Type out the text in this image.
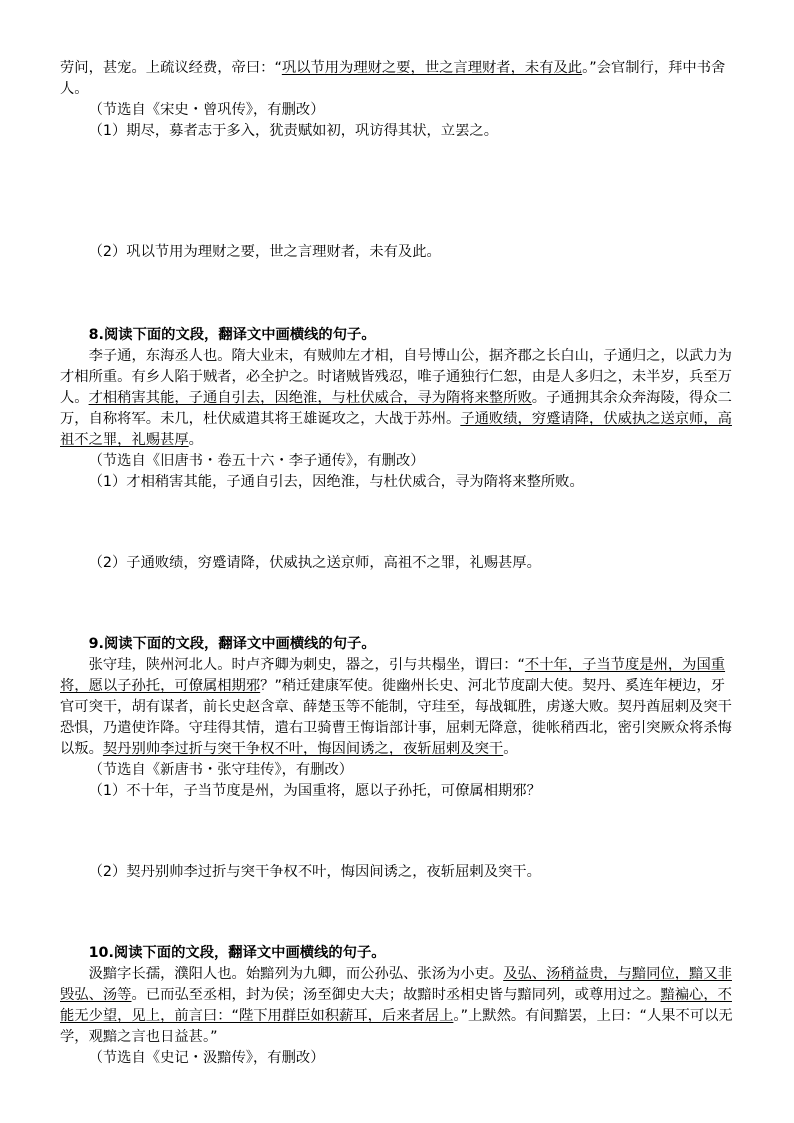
劳问，甚宠。上疏议经费，帝曰：“巩以节用为理财之要，世之言理财者，未有及此。”会官制行，拜中书舍人。

（节选自《宋史・曾巩传》，有删改）

（1）期尽，募者志于多入，犹责赋如初，巩访得其状，立罢之。

（2）巩以节用为理财之要，世之言理财者，未有及此。

8.阅读下面的文段，翻译文中画横线的句子。

李子通，东海丞人也。隋大业末，有贼帅左才相，自号博山公，据齐郡之长白山，子通归之，以武力为才相所重。有乡人陷于贼者，必全护之。时诸贼皆残忍，唯子通独行仁恕，由是人多归之，未半岁，兵至万人。才相稍害其能，子通自引去，因绝淮，与杜伏威合，寻为隋将来整所败。子通拥其余众奔海陵，得众二万，自称将军。未几，杜伏威遣其将王雄诞攻之，大战于苏州。子通败绩，穷蹙请降，伏威执之送京师，高祖不之罪，礼赐甚厚。

（节选自《旧唐书・卷五十六・李子通传》，有删改）

（1）才相稍害其能，子通自引去，因绝淮，与杜伏威合，寻为隋将来整所败。

（2）子通败绩，穷蹙请降，伏威执之送京师，高祖不之罪，礼赐甚厚。

9.阅读下面的文段，翻译文中画横线的句子。

张守珪，陕州河北人。时卢齐卿为刺史，器之，引与共榻坐，谓曰：“不十年，子当节度是州，为国重将，愿以子孙托，可僚属相期邪？”稍迁建康军使。徙幽州长史、河北节度副大使。契丹、奚连年梗边，牙官可突干，胡有谋者，前长史赵含章、薛楚玉等不能制，守珪至，每战辄胜，虏遂大败。契丹酋屈剌及突干恐惧，乃遣使诈降。守珪得其情，遣右卫骑曹王悔诣部计事，屈剌无降意，徙帐稍西北，密引突厥众将杀悔以叛。契丹别帅李过折与突干争权不叶，悔因间诱之，夜斩屈剌及突干。

（节选自《新唐书・张守珪传》，有删改）

（1）不十年，子当节度是州，为国重将，愿以子孙托，可僚属相期邪？

（2）契丹别帅李过折与突干争权不叶，悔因间诱之，夜斩屈剌及突干。

10.阅读下面的文段，翻译文中画横线的句子。

汲黯字长孺，濮阳人也。始黯列为九卿，而公孙弘、张汤为小吏。及弘、汤稍益贵，与黯同位，黯又非毁弘、汤等。已而弘至丞相，封为侯；汤至御史大夫；故黯时丞相史皆与黯同列，或尊用过之。黯褊心，不能无少望，见上，前言曰：“陛下用群臣如积薪耳，后来者居上。”上默然。有间黯罢，上曰：“人果不可以无学，观黯之言也日益甚。”

（节选自《史记・汲黯传》，有删改）
